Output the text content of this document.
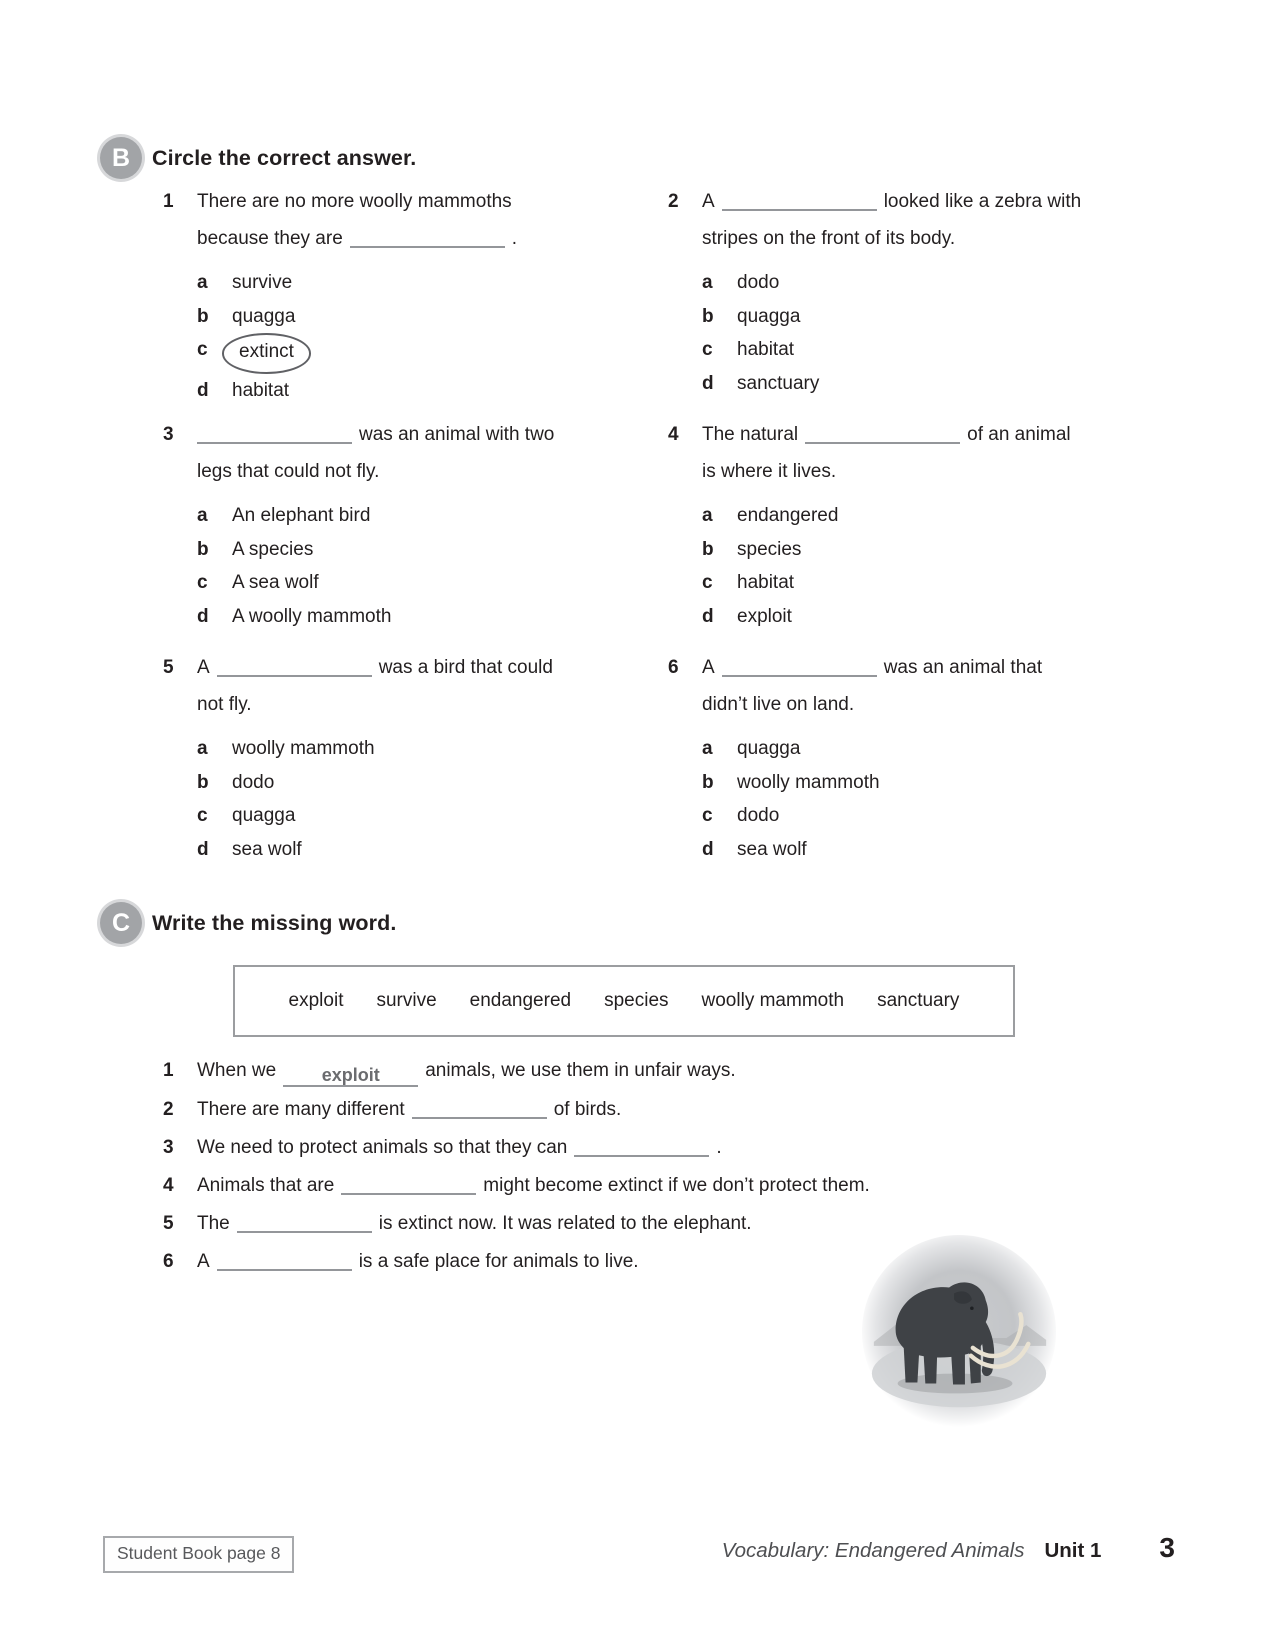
B	Circle the correct answer.
1	There are no more woolly mammoths
because they are	.
a	survive
b	quagga
c	extinct
d	habitat
2	A	looked like a zebra with
stripes on the front of its body.
a	dodo
b	quagga
c	habitat
d	sanctuary
3	was an animal with two
legs that could not fly.
a	An elephant bird
b	A species
c	A sea wolf
d	A woolly mammoth
4	The natural	of an animal
is where it lives.
a	endangered
b	species
c	habitat
d	exploit
5	A	was a bird that could
not fly.
a	woolly mammoth
b	dodo
c	quagga
d	sea wolf
6	A	was an animal that
didn’t live on land.
a	quagga
b	woolly mammoth
c	dodo
d	sea wolf
C	Write the missing word.
exploit survive endangered species woolly mammoth sanctuary
1	When we	exploit animals, we use them in unfair ways.
2	There are many different	of birds.
3	We need to protect animals so that they can	.
4	Animals that are	might become extinct if we don’t protect them.
5	The	is extinct now. It was related to the elephant.
6	A	is a safe place for animals to live.
Student Book page 8	Vocabulary: Endangered Animals Unit 1 3
